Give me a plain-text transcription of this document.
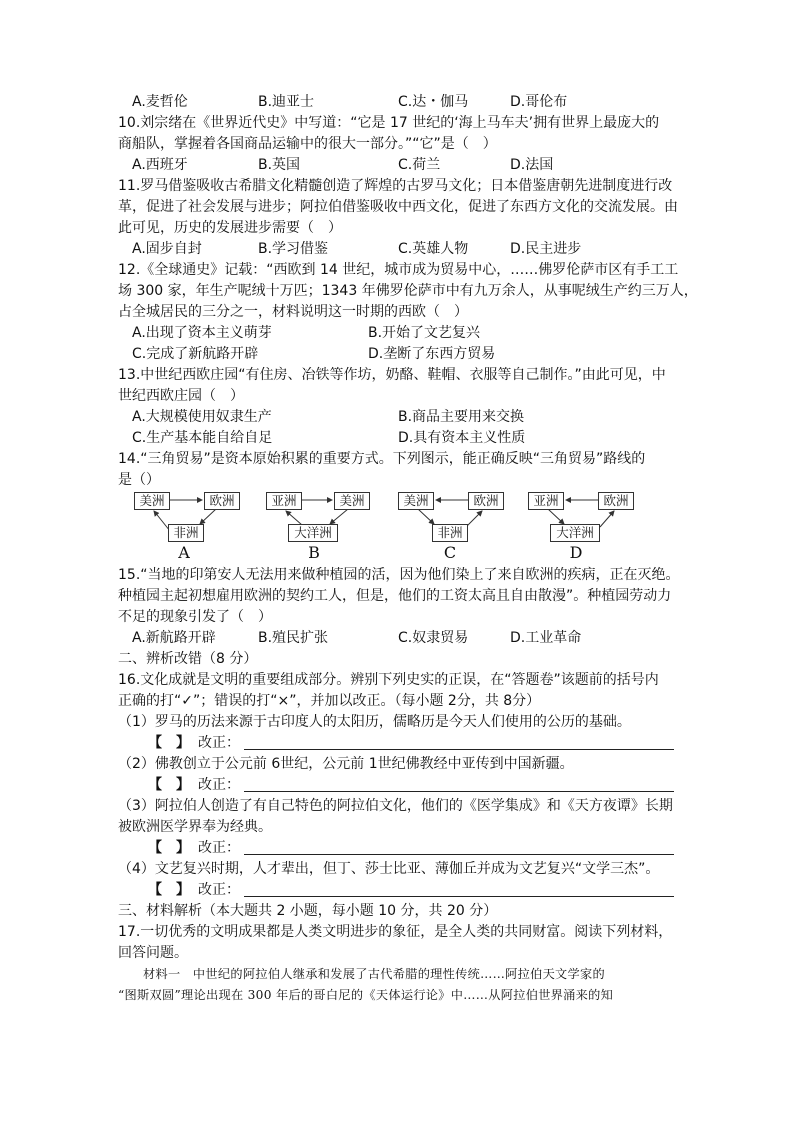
A.麦哲伦	B.迪亚士	C.达・伽马	D.哥伦布
10.刘宗绪在《世界近代史》中写道：“它是 17 世纪的‘海上马车夫’拥有世界上最庞大的
商船队，掌握着各国商品运输中的很大一部分。”“它”是（　）
A.西班牙	B.英国	C.荷兰	D.法国
11.罗马借鉴吸收古希腊文化精髓创造了辉煌的古罗马文化；日本借鉴唐朝先进制度进行改
革，促进了社会发展与进步；阿拉伯借鉴吸收中西文化，促进了东西方文化的交流发展。由
此可见，历史的发展进步需要（　）
A.固步自封	B.学习借鉴	C.英雄人物	D.民主进步
12.《全球通史》记载：“西欧到 14 世纪，城市成为贸易中心，……佛罗伦萨市区有手工工
场 300 家，年生产呢绒十万匹；1343 年佛罗伦萨市中有九万余人，从事呢绒生产约三万人，
占全城居民的三分之一，材料说明这一时期的西欧（　）
A.出现了资本主义萌芽	B.开始了文艺复兴
C.完成了新航路开辟	D.垄断了东西方贸易
13.中世纪西欧庄园“有住房、冶铁等作坊，奶酪、鞋帽、衣服等自己制作。”由此可见，中
世纪西欧庄园（　）
A.大规模使用奴隶生产	B.商品主要用来交换
C.生产基本能自给自足	D.具有资本主义性质
14.“三角贸易”是资本原始积累的重要方式。下列图示，能正确反映“三角贸易”路线的
是（）
美洲	欧洲
非洲
A
亚洲	美洲
大洋洲
B
美洲	欧洲
非洲
C
亚洲	欧洲
大洋洲
D
15.“当地的印第安人无法用来做种植园的活，因为他们染上了来自欧洲的疾病，正在灭绝。
种植园主起初想雇用欧洲的契约工人，但是，他们的工资太高且自由散漫”。种植园劳动力
不足的现象引发了（　）
A.新航路开辟	B.殖民扩张	C.奴隶贸易	D.工业革命
二、辨析改错（8 分）
16.文化成就是文明的重要组成部分。辨别下列史实的正误，在“答题卷”该题前的括号内
正确的打“✓”；错误的打“×”，并加以改正。（每小题 2分，共 8分）
（1）罗马的历法来源于古印度人的太阳历，儒略历是今天人们使用的公历的基础。
【　】 改正：
（2）佛教创立于公元前 6世纪，公元前 1世纪佛教经中亚传到中国新疆。
【　】 改正：
（3）阿拉伯人创造了有自己特色的阿拉伯文化，他们的《医学集成》和《天方夜谭》长期
被欧洲医学界奉为经典。
【　】 改正：
（4）文艺复兴时期，人才辈出，但丁、莎士比亚、薄伽丘并成为文艺复兴“文学三杰”。
【　】 改正：
三、材料解析（本大题共 2 小题，每小题 10 分，共 20 分）
17.一切优秀的文明成果都是人类文明进步的象征，是全人类的共同财富。阅读下列材料，
回答问题。
　　材料一　中世纪的阿拉伯人继承和发展了古代希腊的理性传统……阿拉伯天文学家的
“图斯双圆”理论出现在 300 年后的哥白尼的《天体运行论》中……从阿拉伯世界涌来的知
